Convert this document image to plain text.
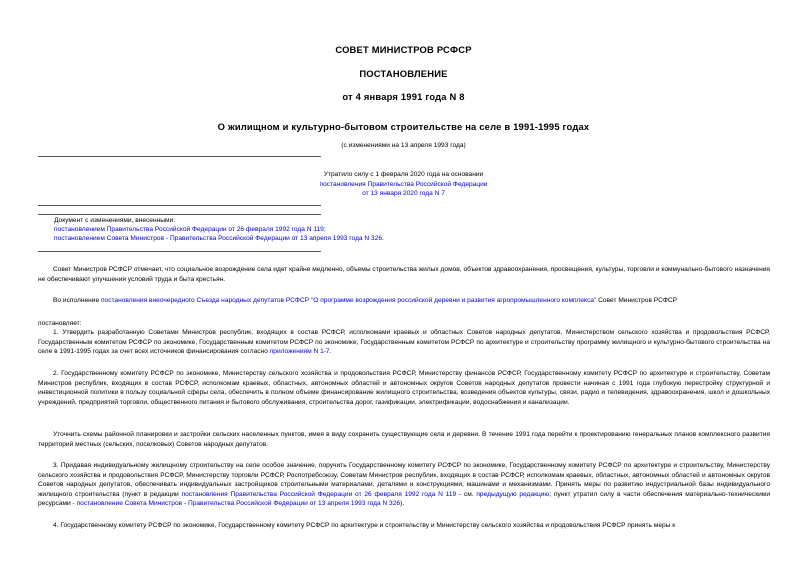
СОВЕТ МИНИСТРОВ РСФСР
ПОСТАНОВЛЕНИЕ
от 4 января 1991 года N 8
О жилищном и культурно-бытовом строительстве на селе в 1991-1995 годах
(с изменениями на 13 апреля 1993 года)
Утратило силу с 1 февраля 2020 года на основании
постановления Правительства Российской Федерации
от 13 января 2020 года N 7
Документ с изменениями, внесенными:
постановлением Правительства Российской Федерации от 26 февраля 1992 года N 119;
постановлением Совета Министров - Правительства Российской Федерации от 13 апреля 1993 года N 326.
Совет Министров РСФСР отмечает, что социальное возрождение села идет крайне медленно, объемы строительства жилых домов, объектов здравоохранения, просвещения, культуры, торговли и коммунально-бытового назначения не обеспечивают улучшения условий труда и быта крестьян.
Во исполнение постановления внеочередного Съезда народных депутатов РСФСР "О программе возрождения российской деревни и развития агропромышленного комплекса" Совет Министров РСФСР
постановляет:
1. Утвердить разработанную Советами Министров республик, входящих в состав РСФСР, исполкомами краевых и областных Советов народных депутатов, Министерством сельского хозяйства и продовольствия РСФСР, Государственным комитетом РСФСР по экономике, Государственным комитетом РСФСР по экономике, Государственным комитетом РСФСР по архитектуре и строительству программу жилищного и культурно-бытового строительства на селе в 1991-1995 годах за счет всех источников финансирования согласно приложениям N 1-7.
2. Государственному комитету РСФСР по экономике, Министерству сельского хозяйства и продовольствия РСФСР, Министерству финансов РСФСР, Государственному комитету РСФСР по архитектуре и строительству, Советам Министров республик, входящих в состав РСФСР, исполкомам краевых, областных, автономных областей и автономных округов Советов народных депутатов провести начиная с 1991 года глубокую перестройку структурной и инвестиционной политики в пользу социальной сферы села, обеспечить в полном объеме финансирование жилищного строительства, возведения объектов культуры, связи, радио и телевидения, здравоохранения, школ и дошкольных учреждений, предприятий торговли, общественного питания и бытового обслуживания, строительства дорог, газификации, электрификации, водоснабжения и канализации.
Уточнить схемы районной планировки и застройки сельских населенных пунктов, имея в виду сохранить существующие села и деревни. В течение 1991 года перейти к проектированию генеральных планов комплексного развития территорий местных (сельских, поселковых) Советов народных депутатов.
3. Придавая индивидуальному жилищному строительству на селе особое значение, поручить Государственному комитету РСФСР по экономике, Государственному комитету РСФСР по архитектуре и строительству, Министерству сельского хозяйства и продовольствия РСФСР, Министерству торговли РСФСР, Роспотребсоюзу, Советам Министров республик, входящих в состав РСФСР, исполкомам краевых, областных, автономных областей и автономных округов Советов народных депутатов, обеспечивать индивидуальных застройщиков строительными материалами, деталями и конструкциями, машинами и механизмами. Принять меры по развитию индустриальной базы индивидуального жилищного строительства (пункт в редакции постановления Правительства Российской Федерации от 26 февраля 1992 года N 119 - см. предыдущую редакцию; пункт утратил силу в части обеспечения материально-техническими ресурсами - постановление Совета Министров - Правительства Российской Федерации от 13 апреля 1993 года N 326).
4. Государственному комитету РСФСР по экономике, Государственному комитету РСФСР по архитектуре и строительству и Министерству сельского хозяйства и продовольствия РСФСР принять меры к
